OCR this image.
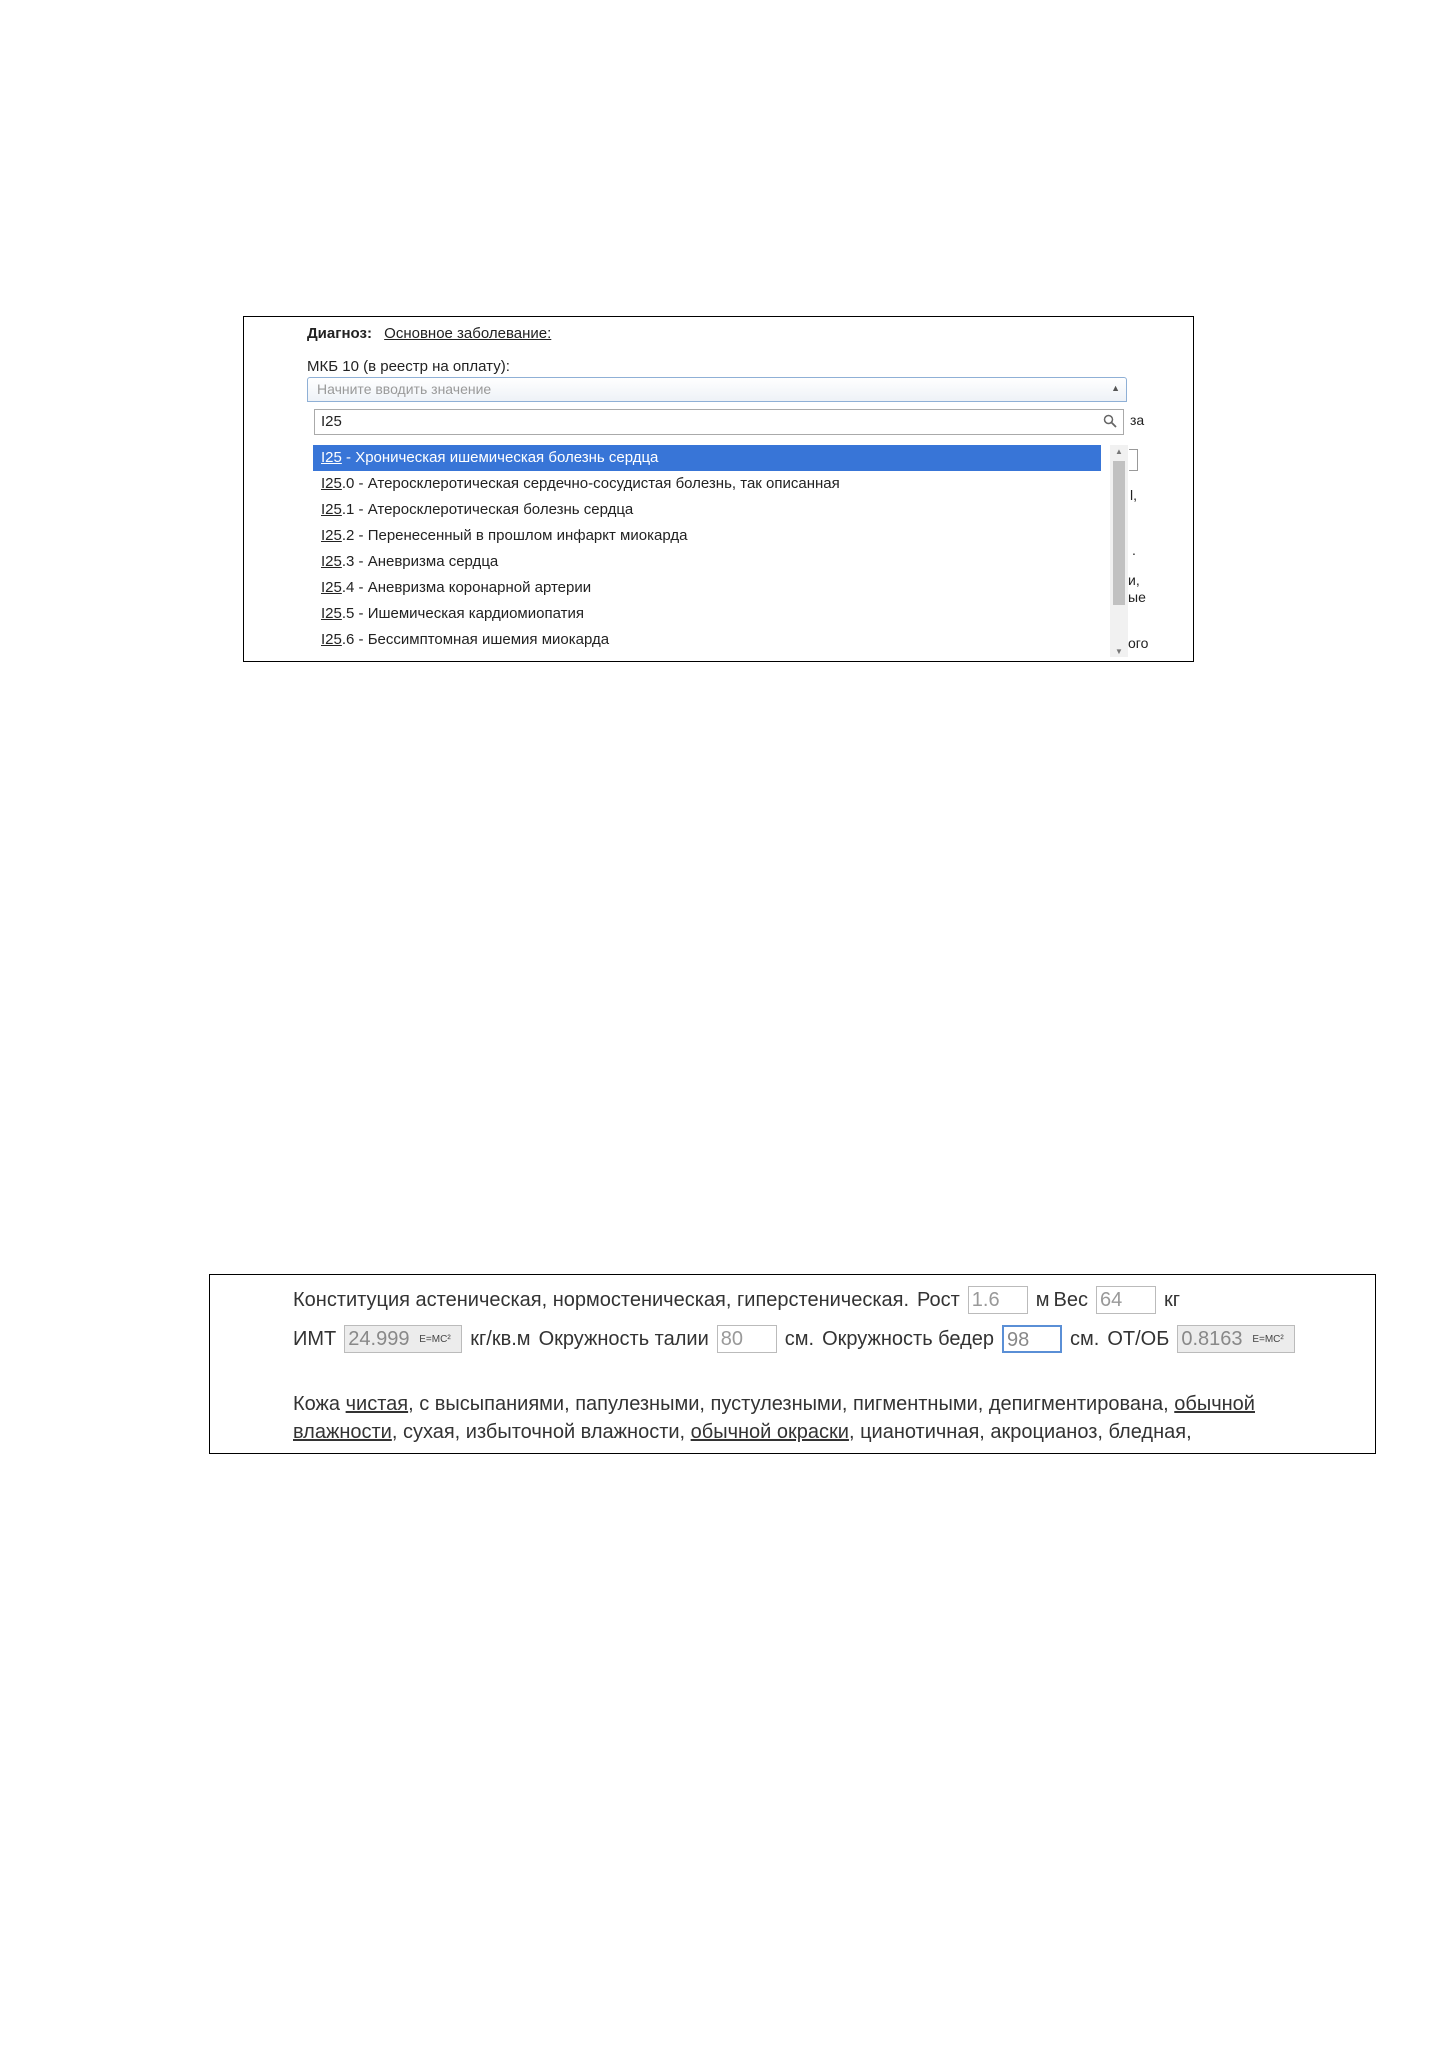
Диагноз: Основное заболевание:
МКБ 10 (в реестр на оплату):
Начните вводить значение	▲
I25	за
l,
.
и,
ые
ого
I25 - Хроническая ишемическая болезнь сердца
I25.0 - Атеросклеротическая сердечно-сосудистая болезнь, так описанная
I25.1 - Атеросклеротическая болезнь сердца
I25.2 - Перенесенный в прошлом инфаркт миокарда
I25.3 - Аневризма сердца
I25.4 - Аневризма коронарной артерии
I25.5 - Ишемическая кардиомиопатия
I25.6 - Бессимптомная ишемия миокарда
▲
▼
Конституция астеническая, нормостеническая, гиперстеническая. Рост 1.6	м Вес 64	кг
ИМТ 24.999 E=MC² кг/кв.м Окружность талии 80	см. Окружность бедер 98	см. ОТ/ОБ 0.8163 E=MC²
Кожа чистая, с высыпаниями, папулезными, пустулезными, пигментными, депигментирована, обычной влажности, сухая, избыточной влажности, обычной окраски, цианотичная, акроцианоз, бледная,
